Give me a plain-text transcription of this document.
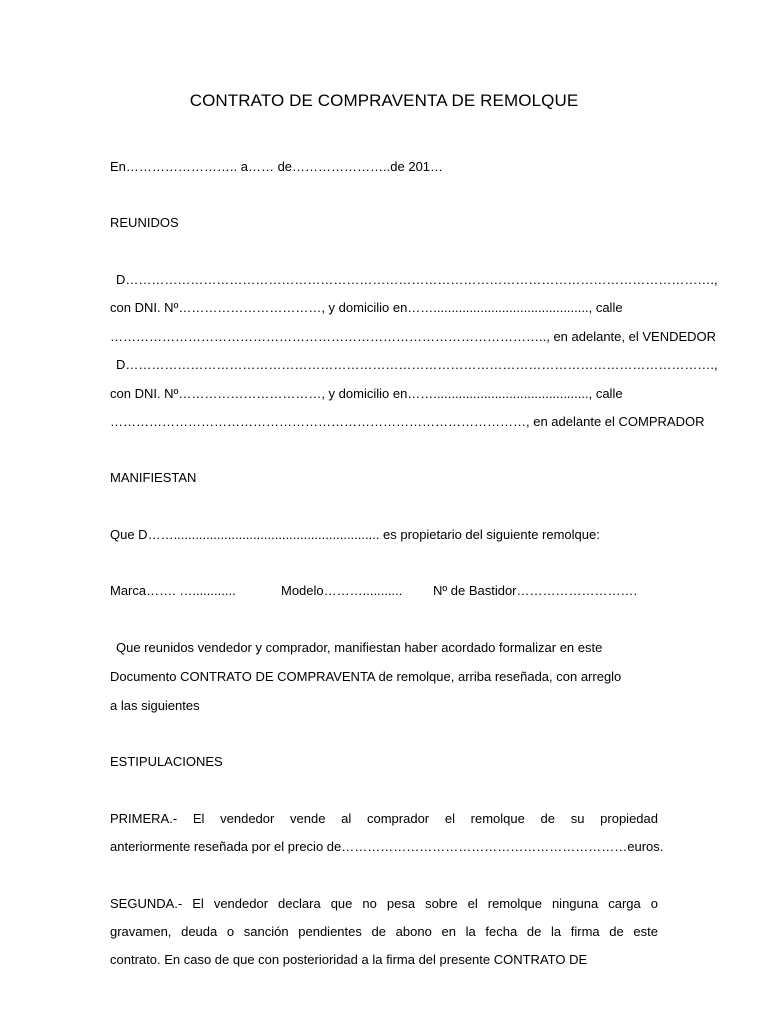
CONTRATO DE COMPRAVENTA DE REMOLQUE
En…………………….. a…… de…………………..de 201…
REUNIDOS
D……………………………………………………………………………………………………………………….,
con DNI. Nº……………………………, y domicilio en……..........................................., calle
……………………………………………………………………………………….., en adelante, el VENDEDOR
D……………………………………………………………………………………………………………………….,
con DNI. Nº……………………………, y domicilio en……..........................................., calle
……………………………………………………………………………………, en adelante el COMPRADOR
MANIFIESTAN
Que D……......................................................... es propietario del siguiente remolque:
Marca……. …............	Modelo………...........	Nº de Bastidor……………………….
Que reunidos vendedor y comprador, manifiestan haber acordado formalizar en este
Documento CONTRATO DE COMPRAVENTA de remolque, arriba reseñada, con arreglo
a las siguientes
ESTIPULACIONES
PRIMERA.- El vendedor vende al comprador el remolque de su propiedad
anteriormente reseñada por el precio de…………………………………………………………euros.
SEGUNDA.- El vendedor declara que no pesa sobre el remolque ninguna carga o
gravamen, deuda o sanción pendientes de abono en la fecha de la firma de este
contrato. En caso de que con posterioridad a la firma del presente CONTRATO DE
